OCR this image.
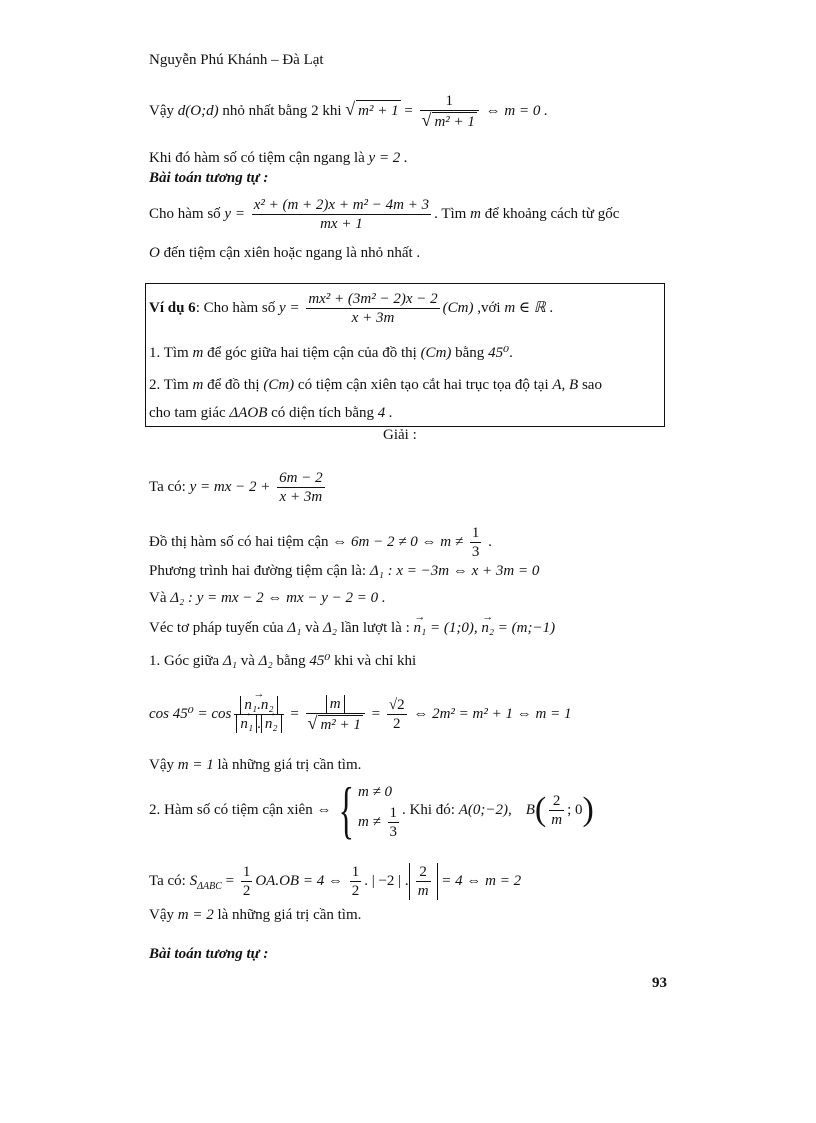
Nguyễn Phú Khánh – Đà Lạt
Vậy d(O;d) nhỏ nhất bằng 2 khi √ $m^2 + 1 = \frac{1}{\text{√ m² + 1}}$ ⇔ m = 0 .
Khi đó hàm số có tiệm cận ngang là y = 2 .
Bài toán tương tự :
Cho hàm số $y = \frac{\text{x² + (m + 2)x + m² − 4m + 3}}{mx + 1}$ . Tìm m để khoảng cách từ gốc
O đến tiệm cận xiên hoặc ngang là nhỏ nhất .
Ví dụ 6: Cho hàm số $y = \frac{\text{mx² + (3m² − 2)x − 2}}{x + 3m} (Cm)$ ,với m ∈ ℝ .
1. Tìm m để góc giữa hai tiệm cận của đồ thị (Cm) bằng 45⁰.
2. Tìm m để đồ thị (Cm) có tiệm cận xiên tạo cắt hai trục tọa độ tại A, B sao
cho tam giác ΔAOB có diện tích bằng 4 .
Giải :
Ta có: y = mx − $2 + \frac{6m - 2}{x + 3m}$
Đồ thị hàm số có hai tiệm cận ⇔ 6m − 2 ≠ 0 ⇔ $m \ne \frac{1}{3}$ .
Phương trình hai đường tiệm cận là: Δ₁ : x = −3m ⇔ x + 3m = 0
Và Δ₂ : y = mx − 2 ⇔ mx − y − 2 = 0 .
Véc tơ pháp tuyến của Δ₁ và Δ₂ lần lượt là : → n₁ = (1;0), → n₂ = (m;−1)
1. Góc giữa Δ₁ và Δ₂ bằng 45⁰ khi và chỉ khi
cos 45⁰ = cos → n₁.n₂
→ n₁ . → $n_2 = \frac{m}{\text{√ m² + 1}} = \frac{√2}{2}$ ⇔ 2m² = m² + 1 ⇔ m = 1
Vậy m = 1 là những giá trị cần tìm.
2. Hàm số có tiệm cận xiên ⇔ { m ≠ 0
$m \ne \frac{1}{3}$ . Khi đó: A(0;−2), $B( \frac{2}{m}$ ; 0)
Ta có: $S_{\Delta ABC} = \frac{1}{2} OA.OB = 4$ ⇔ $\frac{1}{2}$ . | −2 | . $\frac{2}{m} = 4$ ⇔ m = 2
Vậy m = 2 là những giá trị cần tìm.
Bài toán tương tự :
93
